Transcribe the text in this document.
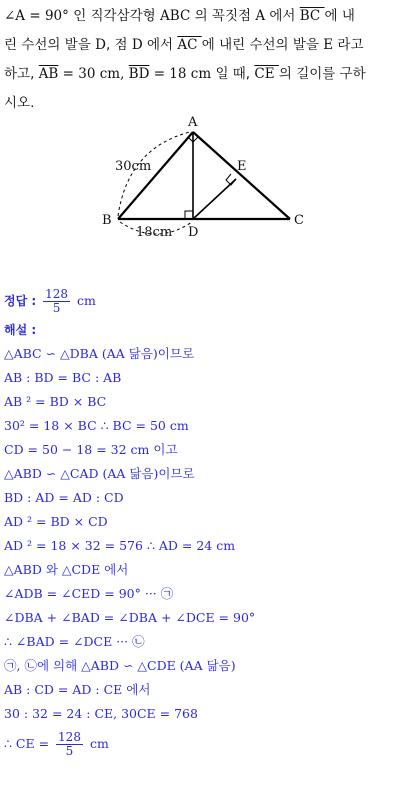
∠A = 90° 인 직각삼각형 ABC 의 꼭짓점 A 에서 BC 에 내
린 수선의 발을 D, 점 D 에서 AC 에 내린 수선의 발을 E 라고
하고, $\overline{AB} = 30$ cm, $\overline{BD} = 18$ cm 일 때, CE 의 길이를 구하
시오.
A
B	C
D
E
30cm
18cm
정답 : $\frac{128}{5}$ cm
해설 :
△ABC ∽ △DBA (AA 닮음)이므로
AB : BD = BC : AB
AB ² = BD × BC
30² = 18 × BC ∴ BC = 50 cm
CD = 50 − 18 = 32 cm 이고
△ABD ∽ △CAD (AA 닮음)이므로
BD : AD = AD : CD
AD ² = BD × CD
AD ² = 18 × 32 = 576 ∴ AD = 24 cm
△ABD 와 △CDE 에서
∠ADB = ∠CED = 90° ··· ㉠
∠DBA + ∠BAD = ∠DBA + ∠DCE = 90°
∴ ∠BAD = ∠DCE ··· ㉡
㉠, ㉡에 의해 △ABD ∽ △CDE (AA 닮음)
AB : CD = AD : CE 에서
30 : 32 = 24 : CE, 30CE = 768
∴ CE = $\frac{128}{5}$ cm
